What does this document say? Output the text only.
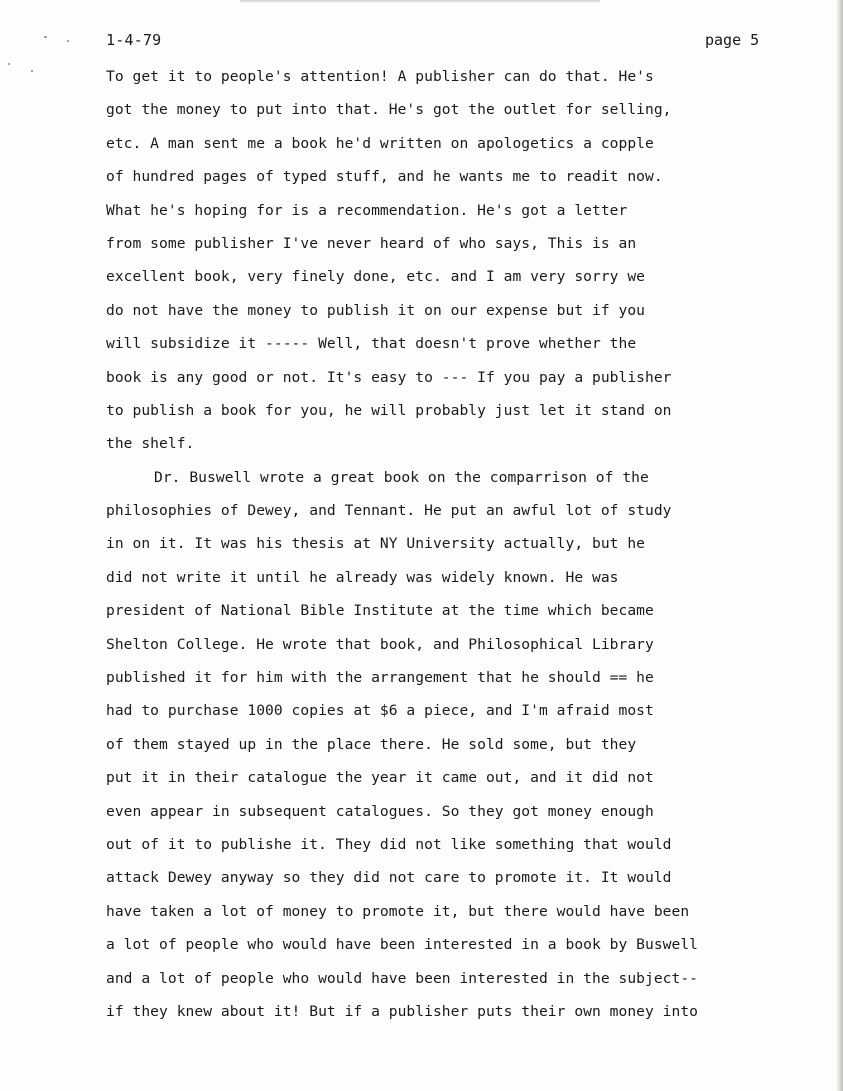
1-4-79	page 5

To get it to people's attention! A publisher can do that. He's
got the money to put into that. He's got the outlet for selling,
etc. A man sent me a book he'd written on apologetics a copple
of hundred pages of typed stuff, and he wants me to readit now.
What he's hoping for is a recommendation. He's got a letter
from some publisher I've never heard of who says, This is an
excellent book, very finely done, etc. and I am very sorry we
do not have the money to publish it on our expense but if you
will subsidize it ----- Well, that doesn't prove whether the
book is any good or not. It's easy to --- If you pay a publisher
to publish a book for you, he will probably just let it stand on
the shelf.
Dr. Buswell wrote a great book on the comparrison of the
philosophies of Dewey, and Tennant. He put an awful lot of study
in on it. It was his thesis at NY University actually, but he
did not write it until he already was widely known. He was
president of National Bible Institute at the time which became
Shelton College. He wrote that book, and Philosophical Library
published it for him with the arrangement that he should == he
had to purchase 1000 copies at $6 a piece, and I'm afraid most
of them stayed up in the place there. He sold some, but they
put it in their catalogue the year it came out, and it did not
even appear in subsequent catalogues. So they got money enough
out of it to publishe it. They did not like something that would
attack Dewey anyway so they did not care to promote it. It would
have taken a lot of money to promote it, but there would have been
a lot of people who would have been interested in a book by Buswell
and a lot of people who would have been interested in the subject--
if they knew about it! But if a publisher puts their own money into
